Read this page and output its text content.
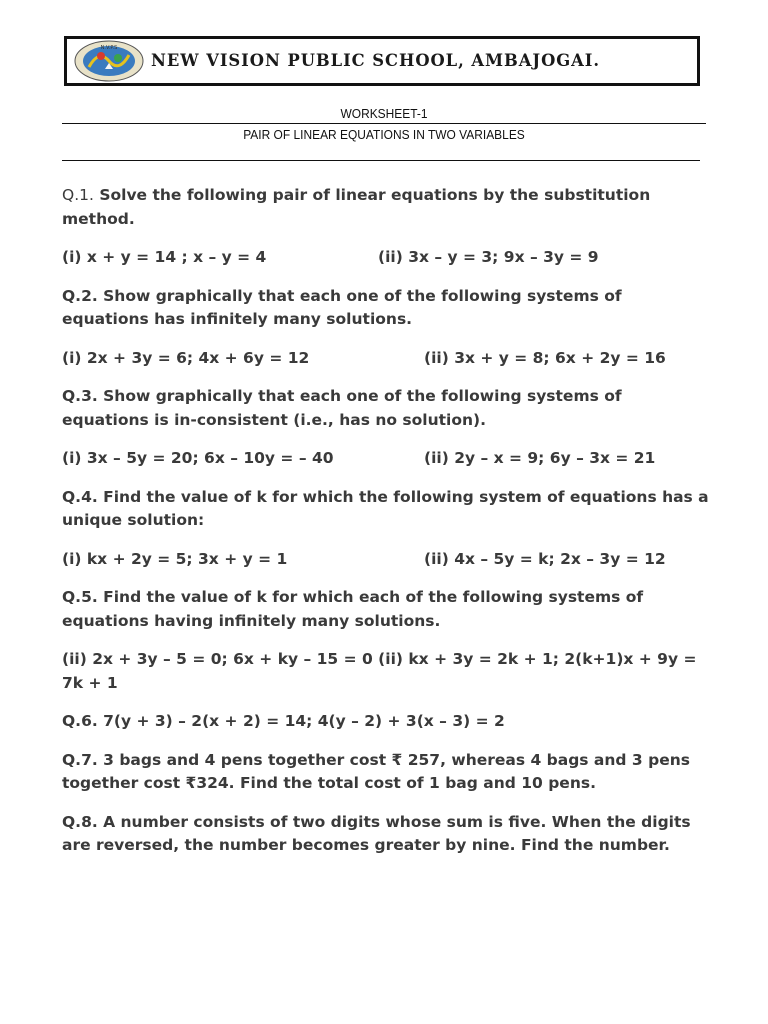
N.V.P.S
NEW VISION PUBLIC SCHOOL, AMBAJOGAI.
WORKSHEET-1
PAIR OF LINEAR EQUATIONS IN TWO VARIABLES

Q.1. Solve the following pair of linear equations by the substitution method.

(i) x + y = 14 ; x – y = 4	(ii) 3x – y = 3; 9x – 3y = 9

Q.2. Show graphically that each one of the following systems of equations has infinitely many solutions.

(i) 2x + 3y = 6; 4x + 6y = 12	(ii) 3x + y = 8; 6x + 2y = 16

Q.3. Show graphically that each one of the following systems of equations is in-consistent (i.e., has no solution).

(i) 3x – 5y = 20; 6x – 10y = – 40	(ii) 2y – x = 9; 6y – 3x = 21

Q.4. Find the value of k for which the following system of equations has a unique solution:

(i) kx + 2y = 5; 3x + y = 1	(ii) 4x – 5y = k; 2x – 3y = 12

Q.5. Find the value of k for which each of the following systems of equations having infinitely many solutions.

(ii) 2x + 3y – 5 = 0; 6x + ky – 15 = 0 (ii) kx + 3y = 2k + 1; 2(k+1)x + 9y = 7k + 1

Q.6. 7(y + 3) – 2(x + 2) = 14; 4(y – 2) + 3(x – 3) = 2

Q.7. 3 bags and 4 pens together cost ₹ 257, whereas 4 bags and 3 pens together cost ₹324. Find the total cost of 1 bag and 10 pens.

Q.8. A number consists of two digits whose sum is five. When the digits are reversed, the number becomes greater by nine. Find the number.
